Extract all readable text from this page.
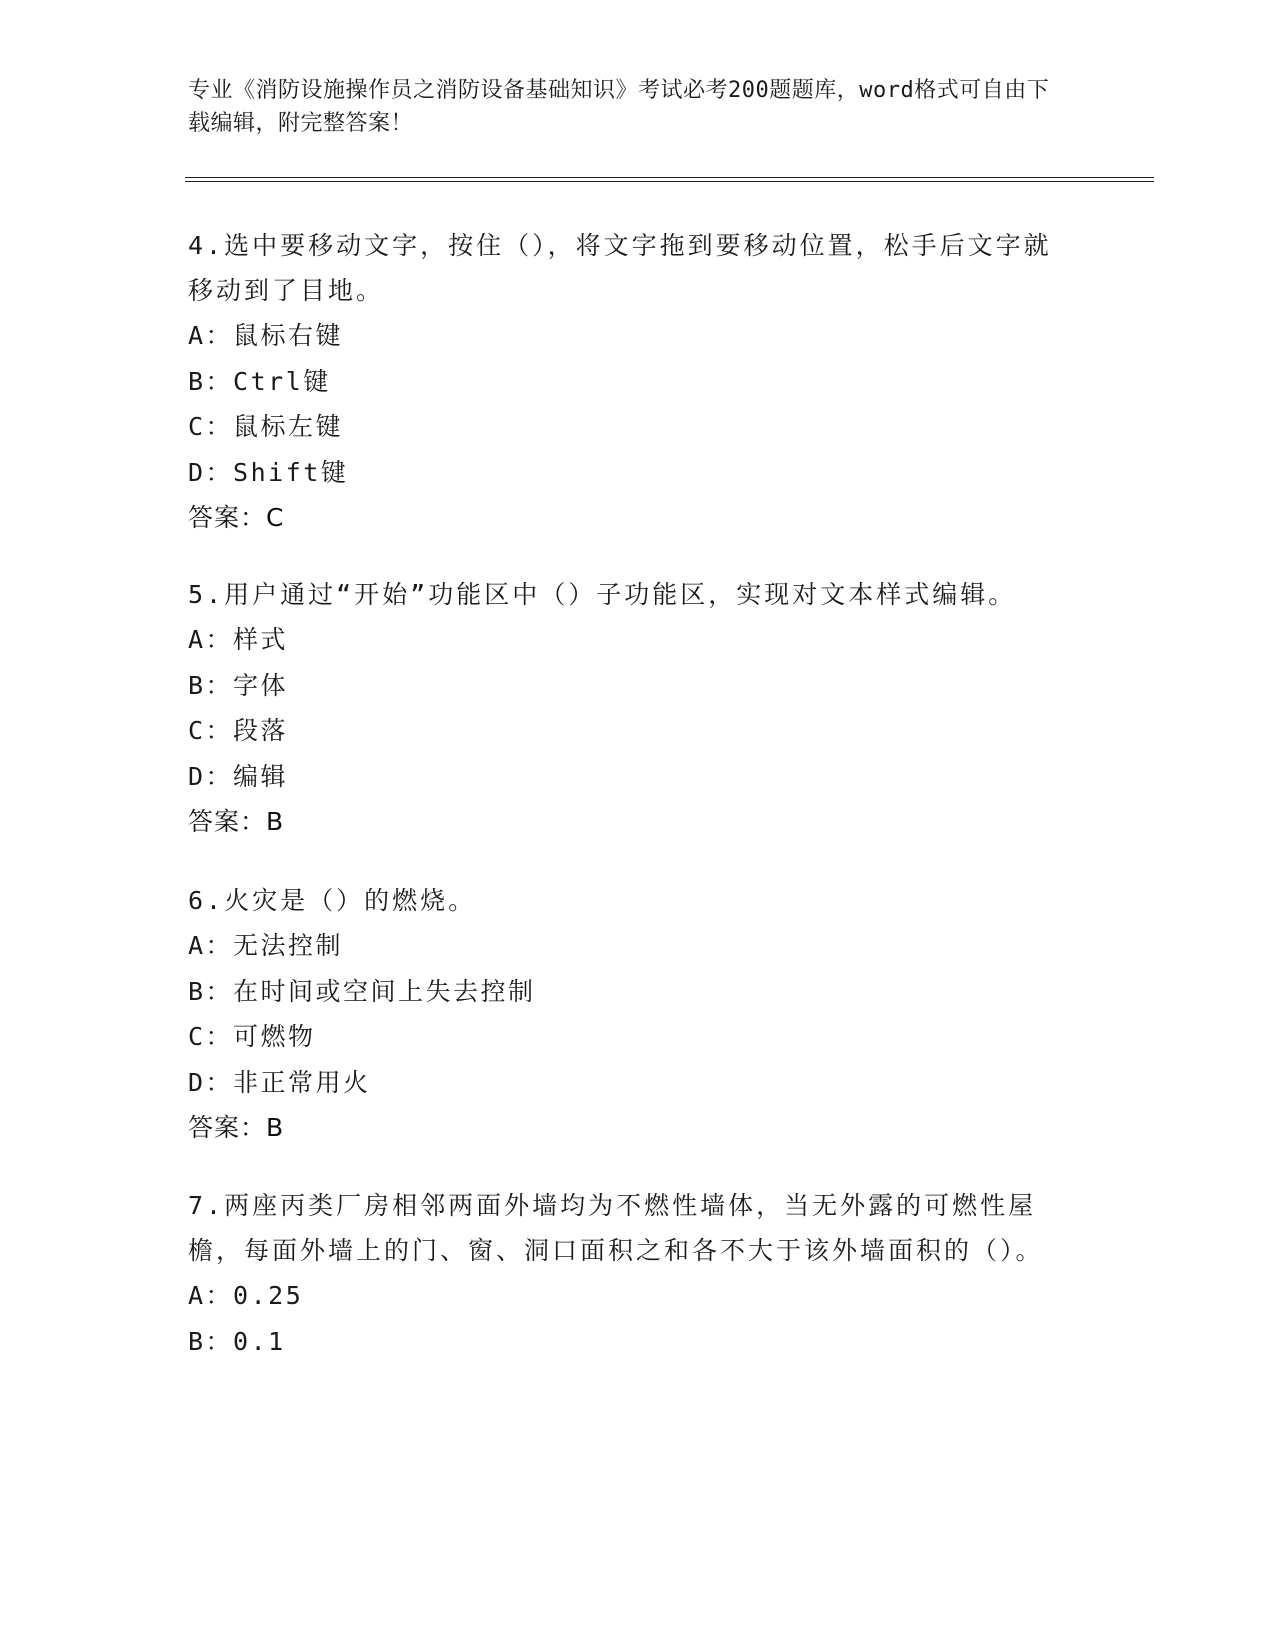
专业《消防设施操作员之消防设备基础知识》考试必考200题题库，word格式可自由下载编辑，附完整答案！

4.选中要移动文字，按住（），将文字拖到要移动位置，松手后文字就移动到了目地。

A：鼠标右键

B：Ctrl键

C：鼠标左键

D：Shift键

答案：C

5.用户通过“开始”功能区中（）子功能区，实现对文本样式编辑。

A：样式

B：字体

C：段落

D：编辑

答案：B

6.火灾是（）的燃烧。

A：无法控制

B：在时间或空间上失去控制

C：可燃物

D：非正常用火

答案：B

7.两座丙类厂房相邻两面外墙均为不燃性墙体，当无外露的可燃性屋檐，每面外墙上的门、窗、洞口面积之和各不大于该外墙面积的（）。

A：0.25

B：0.1
